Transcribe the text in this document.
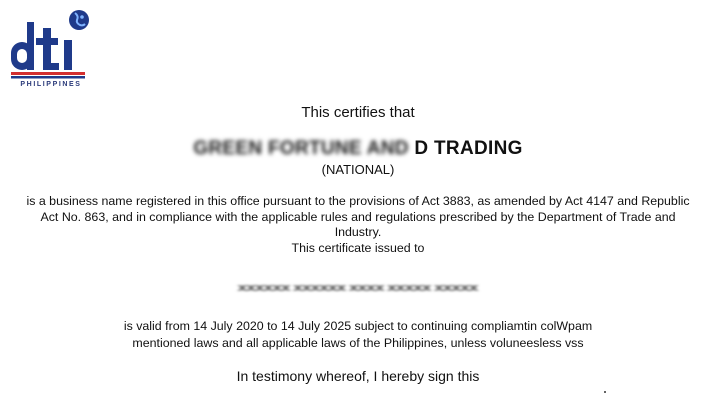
PHILIPPINES
This certifies that
GREEN FORTUNE AND D TRADING
(NATIONAL)
is a business name registered in this office pursuant to the provisions of Act 3883, as amended by Act 4147 and Republic Act No. 863, and in compliance with the applicable rules and regulations prescribed by the Department of Trade and Industry.
This certificate issued to
XXXXXX XXXXXX XXXX XXXXX XXXXX
is valid from 14 July 2020 to 14 July 2025 subject to continuing compliamtin colWpam
mentioned laws and all applicable laws of the Philippines, unless voluneesless vss
In testimony whereof, I hereby sign this
